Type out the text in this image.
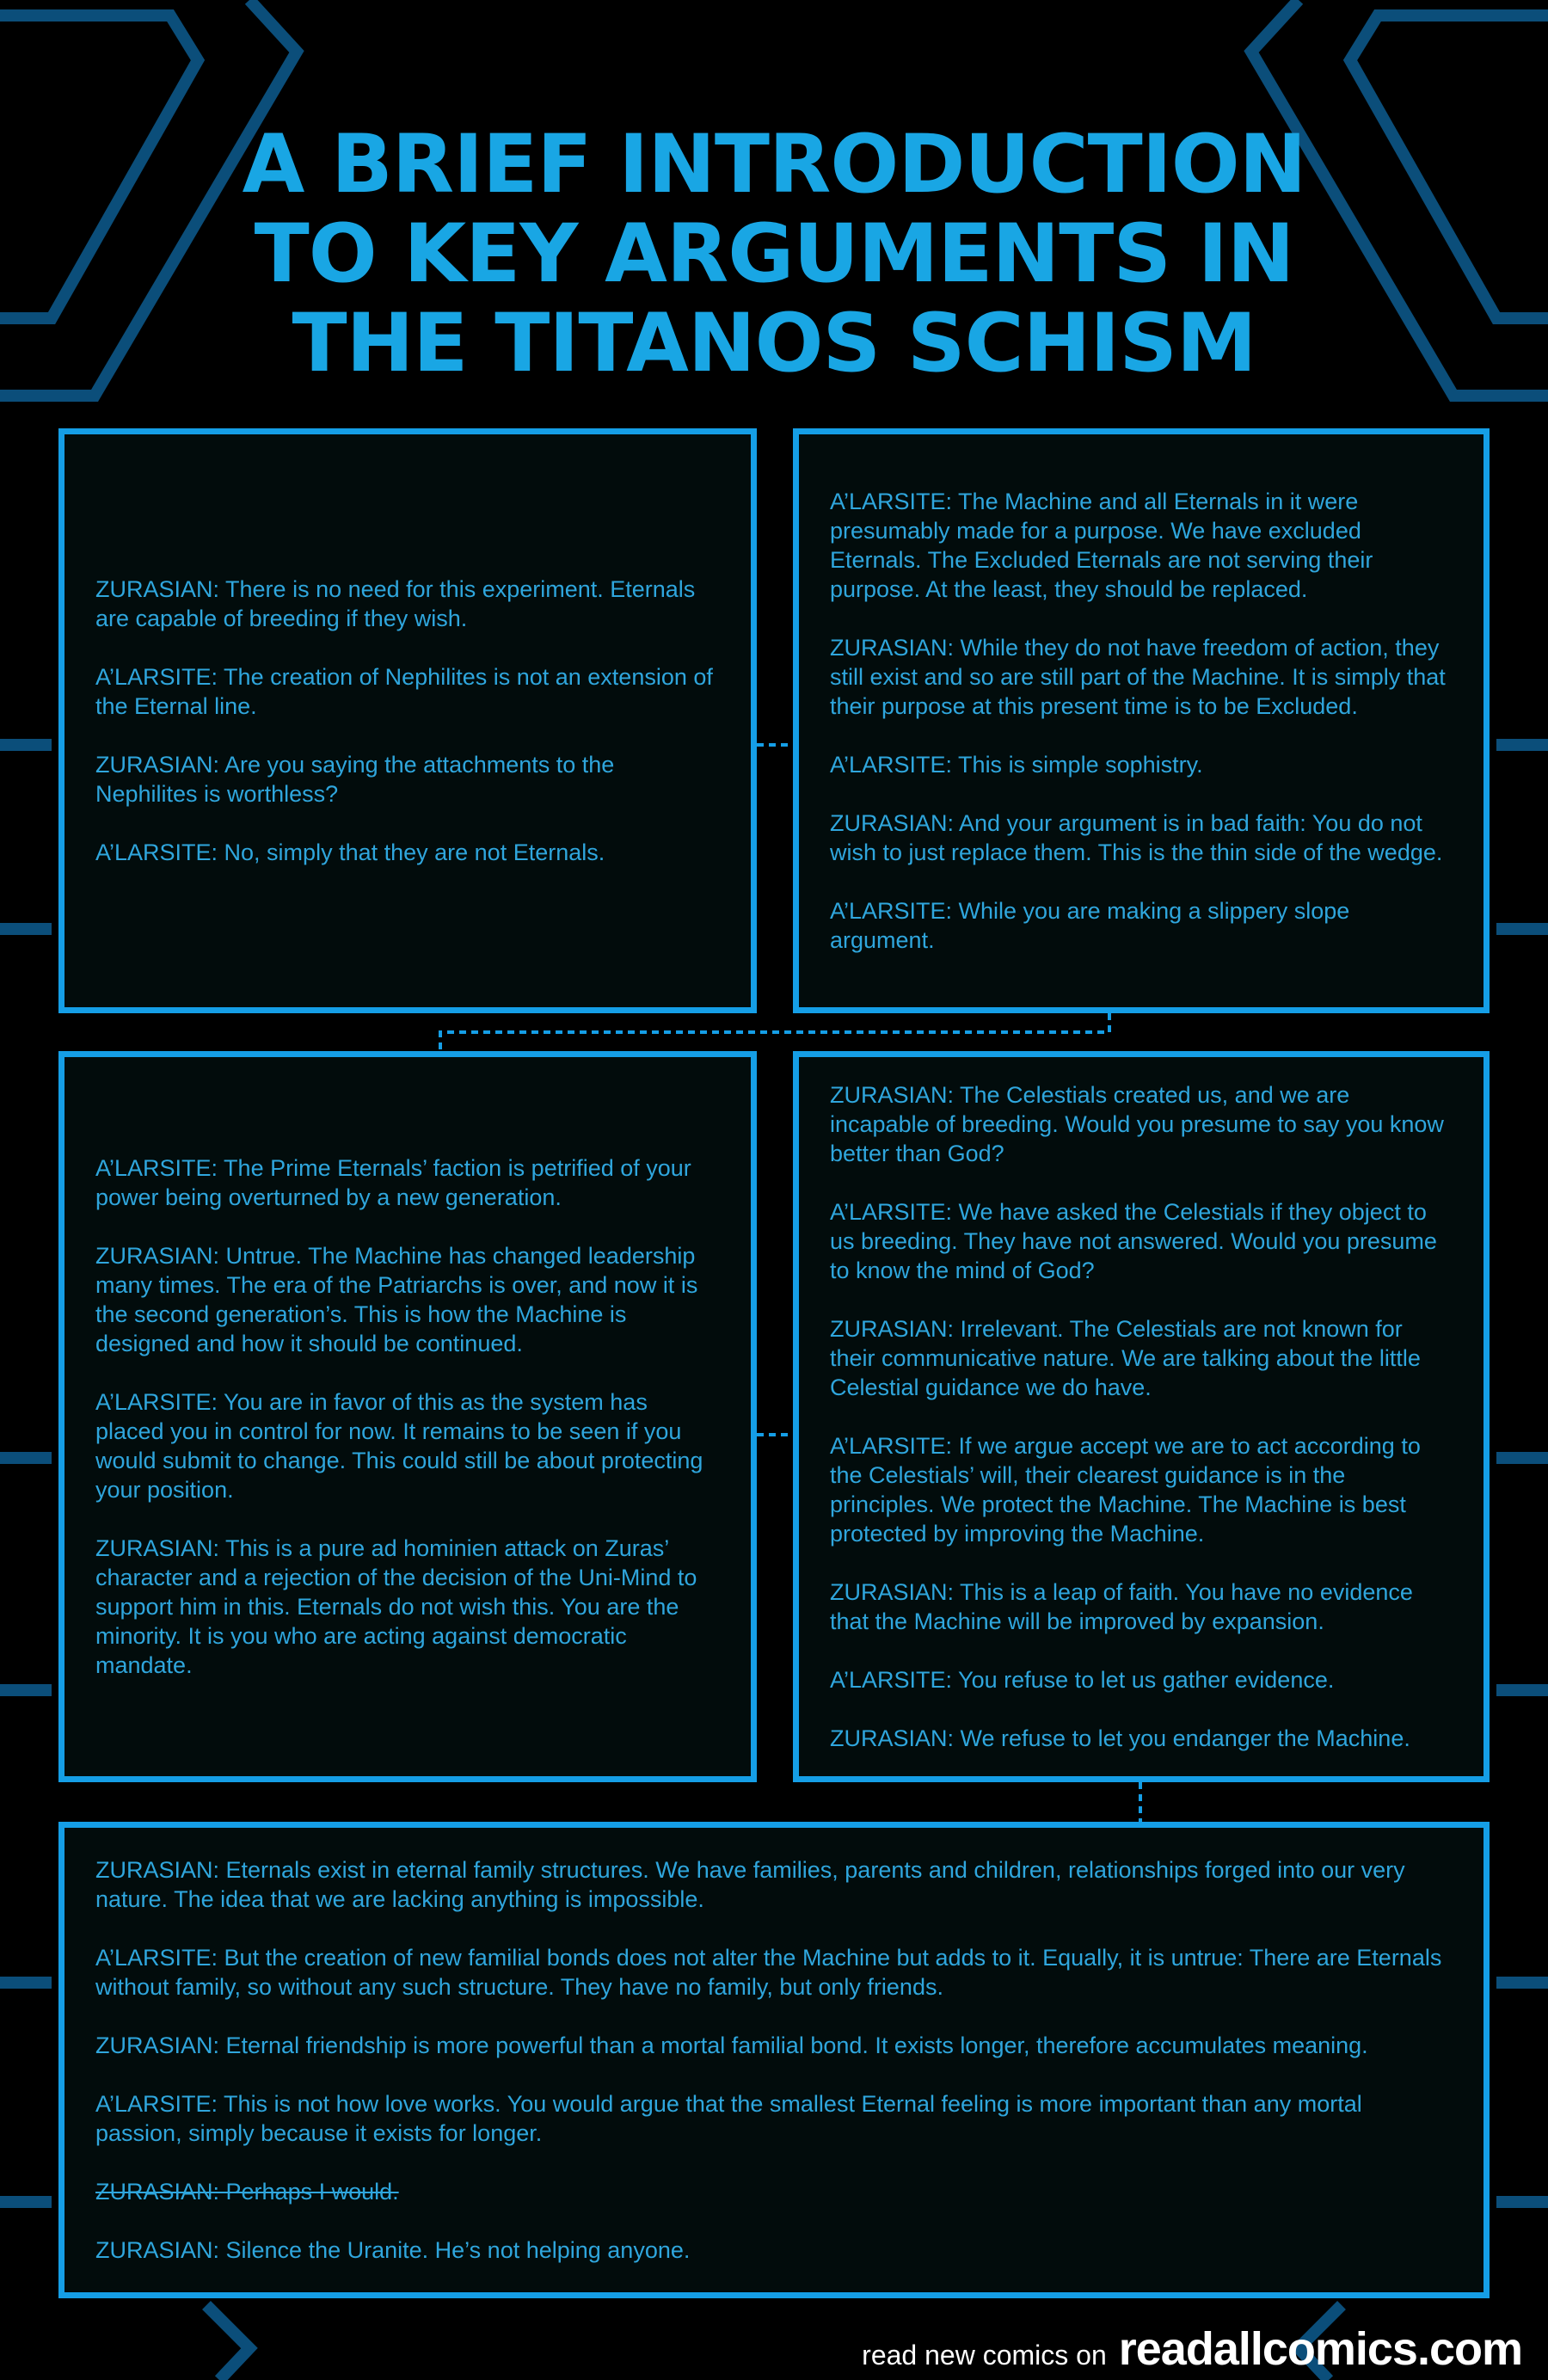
A BRIEF INTRODUCTION
TO KEY ARGUMENTS IN
THE TITANOS SCHISM

ZURASIAN: There is no need for this experiment. Eternals are capable of breeding if they wish.

A’LARSITE: The creation of Nephilites is not an extension of the Eternal line.

ZURASIAN: Are you saying the attachments to the Nephilites is worthless?

A’LARSITE: No, simply that they are not Eternals.

A’LARSITE: The Machine and all Eternals in it were presumably made for a purpose. We have excluded Eternals. The Excluded Eternals are not serving their purpose. At the least, they should be replaced.

ZURASIAN: While they do not have freedom of action, they still exist and so are still part of the Machine. It is simply that their purpose at this present time is to be Excluded.

A’LARSITE: This is simple sophistry.

ZURASIAN: And your argument is in bad faith: You do not wish to just replace them. This is the thin side of the wedge.

A’LARSITE: While you are making a slippery slope argument.

A’LARSITE: The Prime Eternals’ faction is petrified of your power being overturned by a new generation.

ZURASIAN: Untrue. The Machine has changed leadership many times. The era of the Patriarchs is over, and now it is the second generation’s. This is how the Machine is designed and how it should be continued.

A’LARSITE: You are in favor of this as the system has placed you in control for now. It remains to be seen if you would submit to change. This could still be about protecting your position.

ZURASIAN: This is a pure ad hominien attack on Zuras’ character and a rejection of the decision of the Uni-Mind to support him in this. Eternals do not wish this. You are the minority. It is you who are acting against democratic mandate.

ZURASIAN: The Celestials created us, and we are incapable of breeding. Would you presume to say you know better than God?

A’LARSITE: We have asked the Celestials if they object to us breeding. They have not answered. Would you presume to know the mind of God?

ZURASIAN: Irrelevant. The Celestials are not known for their communicative nature. We are talking about the little Celestial guidance we do have.

A’LARSITE: If we argue accept we are to act according to the Celestials’ will, their clearest guidance is in the principles. We protect the Machine. The Machine is best protected by improving the Machine.

ZURASIAN: This is a leap of faith. You have no evidence that the Machine will be improved by expansion.

A’LARSITE: You refuse to let us gather evidence.

ZURASIAN: We refuse to let you endanger the Machine.

ZURASIAN: Eternals exist in eternal family structures. We have families, parents and children, relationships forged into our very nature. The idea that we are lacking anything is impossible.

A’LARSITE: But the creation of new familial bonds does not alter the Machine but adds to it. Equally, it is untrue: There are Eternals without family, so without any such structure. They have no family, but only friends.

ZURASIAN: Eternal friendship is more powerful than a mortal familial bond. It exists longer, therefore accumulates meaning.

A’LARSITE: This is not how love works. You would argue that the smallest Eternal feeling is more important than any mortal passion, simply because it exists for longer.

ZURASIAN: Perhaps I would.

ZURASIAN: Silence the Uranite. He’s not helping anyone.

read new comics on readallcomics.com
